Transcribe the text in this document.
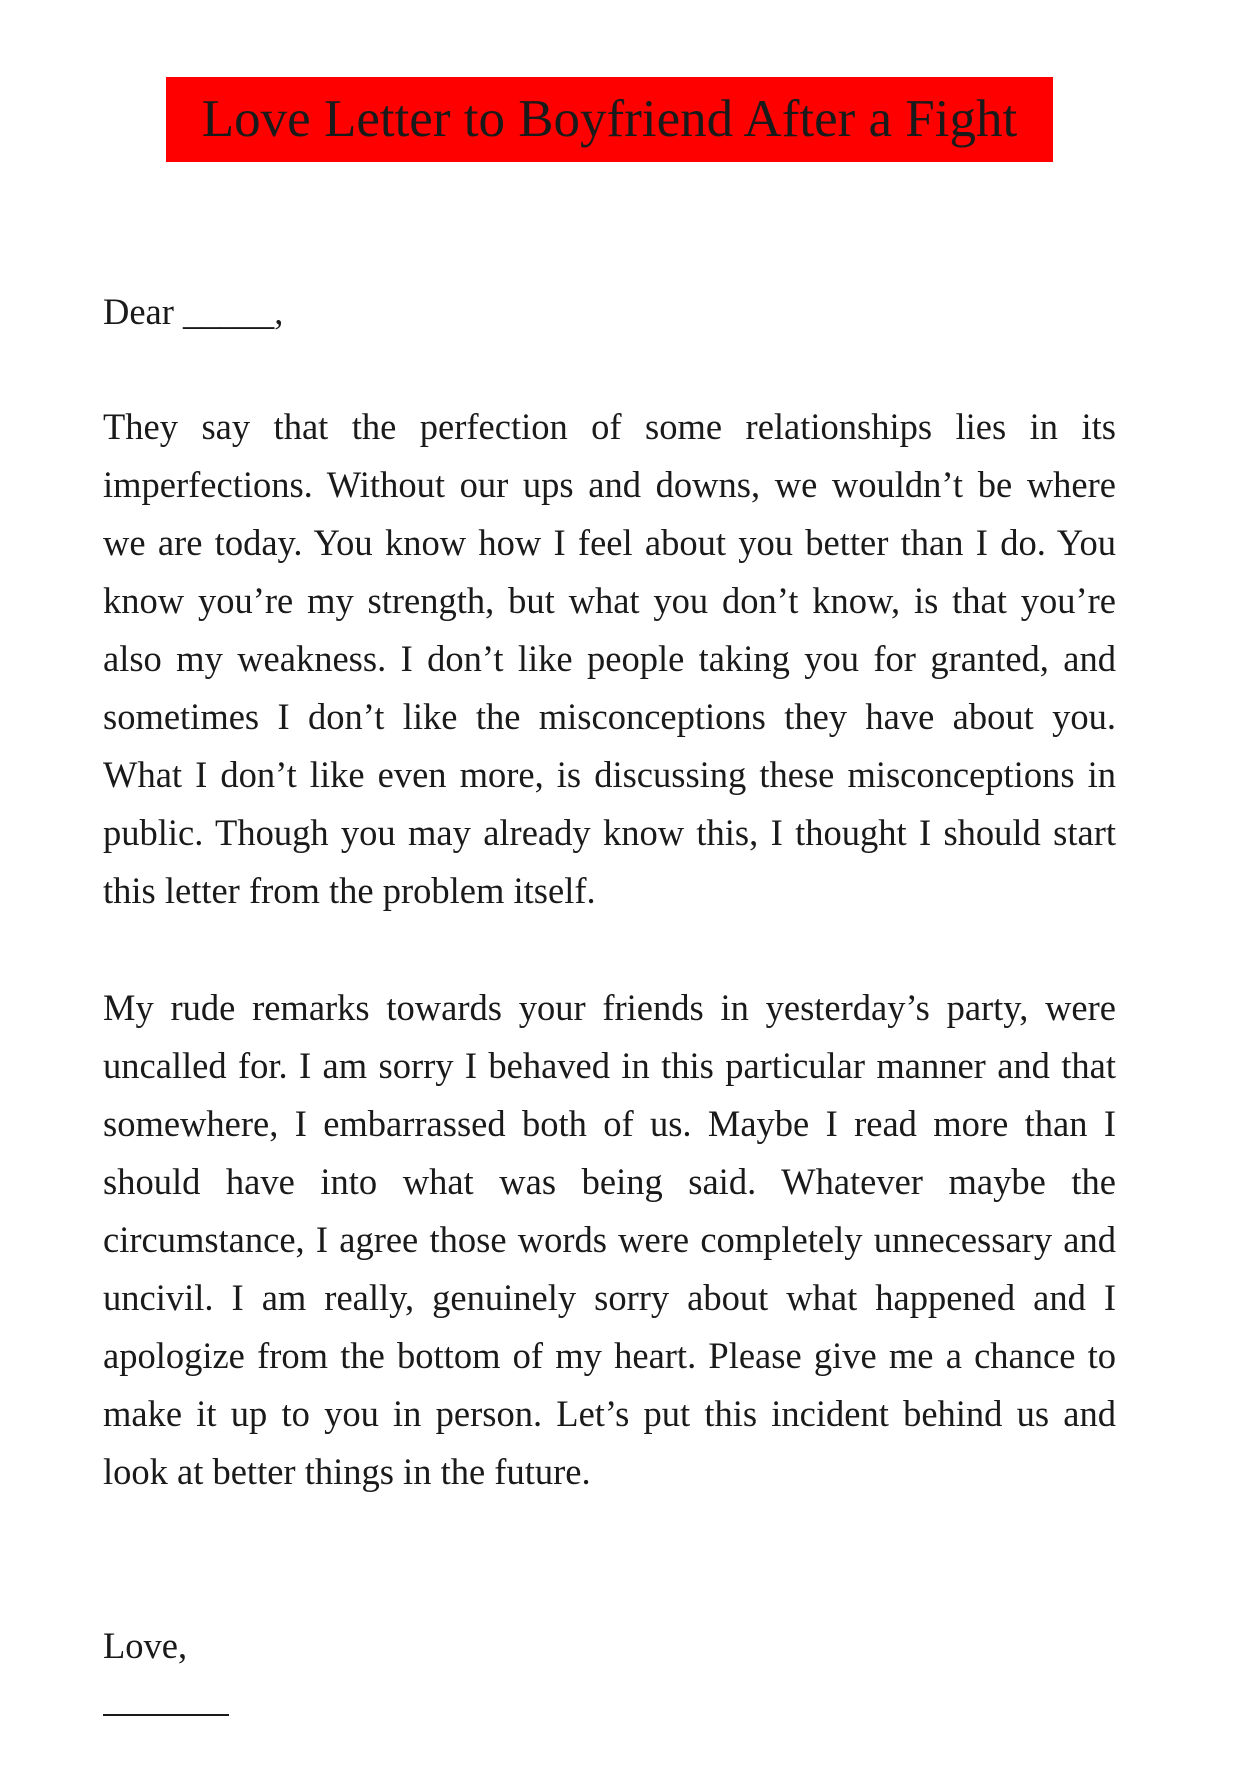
Love Letter to Boyfriend After a Fight

Dear _____,

They say that the perfection of some relationships lies in its imperfections. Without our ups and downs, we wouldn’t be where we are today. You know how I feel about you better than I do. You know you’re my strength, but what you don’t know, is that you’re also my weakness. I don’t like people taking you for granted, and sometimes I don’t like the misconceptions they have about you. What I don’t like even more, is discussing these misconceptions in public. Though you may already know this, I thought I should start this letter from the problem itself.

My rude remarks towards your friends in yesterday’s party, were uncalled for. I am sorry I behaved in this particular manner and that somewhere, I embarrassed both of us. Maybe I read more than I should have into what was being said. Whatever maybe the circumstance, I agree those words were completely unnecessary and uncivil. I am really, genuinely sorry about what happened and I apologize from the bottom of my heart. Please give me a chance to make it up to you in person. Let’s put this incident behind us and look at better things in the future.

Love,
